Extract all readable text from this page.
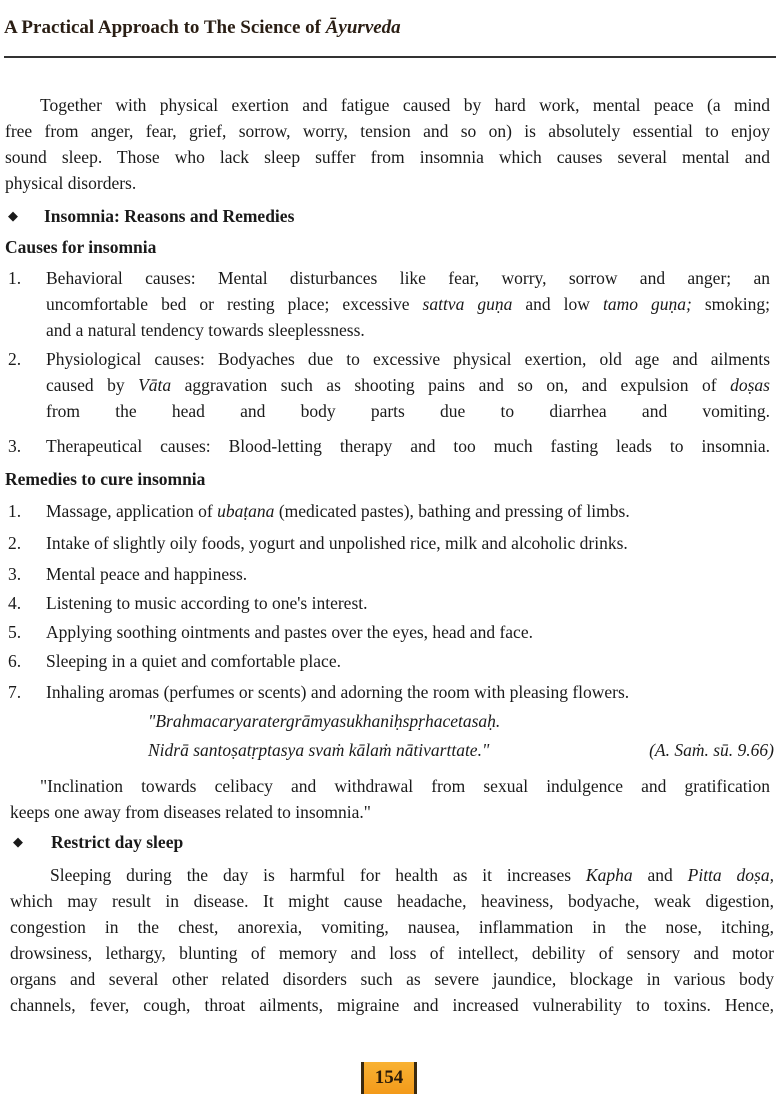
A Practical Approach to The Science of Āyurveda
Together with physical exertion and fatigue caused by hard work, mental peace (a mind
free from anger, fear, grief, sorrow, worry, tension and so on) is absolutely essential to enjoy
sound sleep. Those who lack sleep suffer from insomnia which causes several mental and
physical disorders.
◆ Insomnia: Reasons and Remedies
Causes for insomnia
1. Behavioral causes: Mental disturbances like fear, worry, sorrow and anger; an
uncomfortable bed or resting place; excessive sattva guṇa and low tamo guṇa; smoking;
and a natural tendency towards sleeplessness.
2. Physiological causes: Bodyaches due to excessive physical exertion, old age and ailments
caused by Vāta aggravation such as shooting pains and so on, and expulsion of doṣas
from the head and body parts due to diarrhea and vomiting.
3. Therapeutical causes: Blood-letting therapy and too much fasting leads to insomnia.
Remedies to cure insomnia
1. Massage, application of ubaṭana (medicated pastes), bathing and pressing of limbs.
2. Intake of slightly oily foods, yogurt and unpolished rice, milk and alcoholic drinks.
3. Mental peace and happiness.
4. Listening to music according to one's interest.
5. Applying soothing ointments and pastes over the eyes, head and face.
6. Sleeping in a quiet and comfortable place.
7. Inhaling aromas (perfumes or scents) and adorning the room with pleasing flowers.
"Brahmacaryaratergrāmyasukhaniḥspṛhacetasaḥ.
Nidrā santoṣatṛptasya svaṁ kālaṁ nātivarttate."	(A. Saṁ. sū. 9.66)
"Inclination towards celibacy and withdrawal from sexual indulgence and gratification
keeps one away from diseases related to insomnia."
◆ Restrict day sleep
Sleeping during the day is harmful for health as it increases Kapha and Pitta doṣa,
which may result in disease. It might cause headache, heaviness, bodyache, weak digestion,
congestion in the chest, anorexia, vomiting, nausea, inflammation in the nose, itching,
drowsiness, lethargy, blunting of memory and loss of intellect, debility of sensory and motor
organs and several other related disorders such as severe jaundice, blockage in various body
channels, fever, cough, throat ailments, migraine and increased vulnerability to toxins. Hence,
154
